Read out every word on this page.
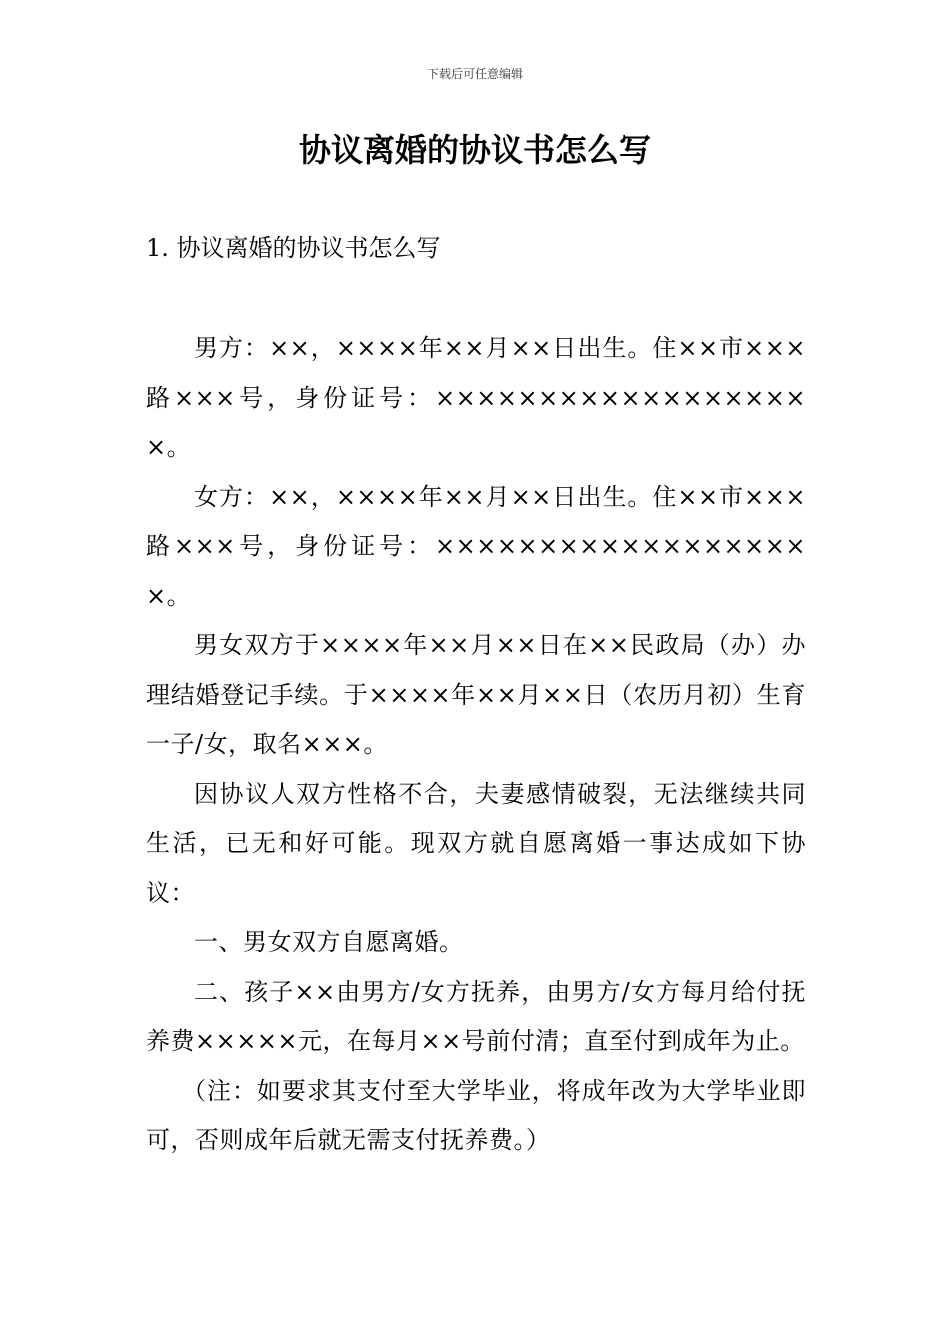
下载后可任意编辑
协议离婚的协议书怎么写

1. 协议离婚的协议书怎么写

男方：××，××××年××月××日出生。住××市×××路×××号，身份证号：×××××××××××××××××××。

女方：××，××××年××月××日出生。住××市×××路×××号，身份证号：×××××××××××××××××××。

男女双方于××××年××月××日在××民政局（办）办理结婚登记手续。于××××年××月××日（农历月初）生育一子/女，取名×××。

因协议人双方性格不合，夫妻感情破裂，无法继续共同生活，已无和好可能。现双方就自愿离婚一事达成如下协议：

一、男女双方自愿离婚。

二、孩子××由男方/女方抚养，由男方/女方每月给付抚养费×××××元，在每月××号前付清；直至付到成年为止。

（注：如要求其支付至大学毕业，将成年改为大学毕业即可，否则成年后就无需支付抚养费。）
